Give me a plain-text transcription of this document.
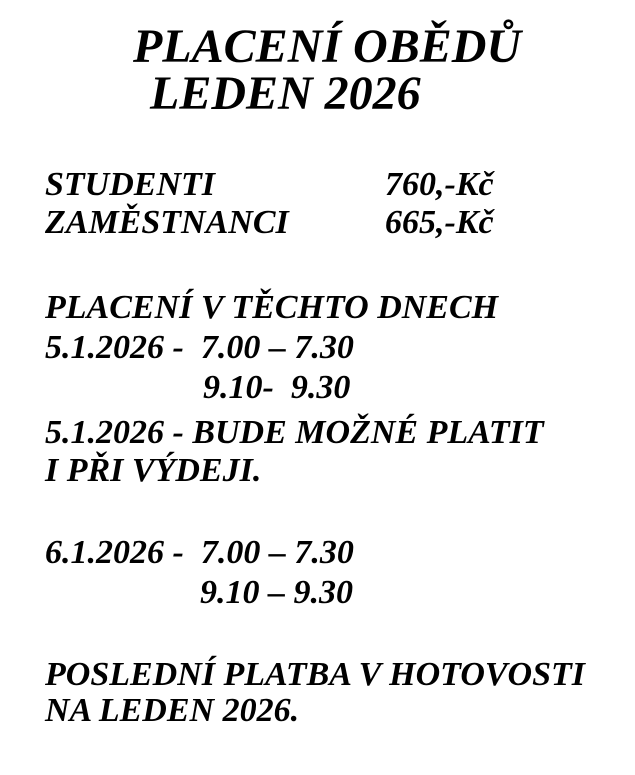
PLACENÍ OBĚDŮ
LEDEN 2026
STUDENTI	760,-Kč
ZAMĚSTNANCI	665,-Kč
PLACENÍ V TĚCHTO DNECH
5.1.2026 -  7.00 – 7.30
9.10-  9.30
5.1.2026 - BUDE MOŽNÉ PLATIT
I PŘI VÝDEJI.
6.1.2026 -  7.00 – 7.30
9.10 – 9.30
POSLEDNÍ PLATBA V HOTOVOSTI
NA LEDEN 2026.
